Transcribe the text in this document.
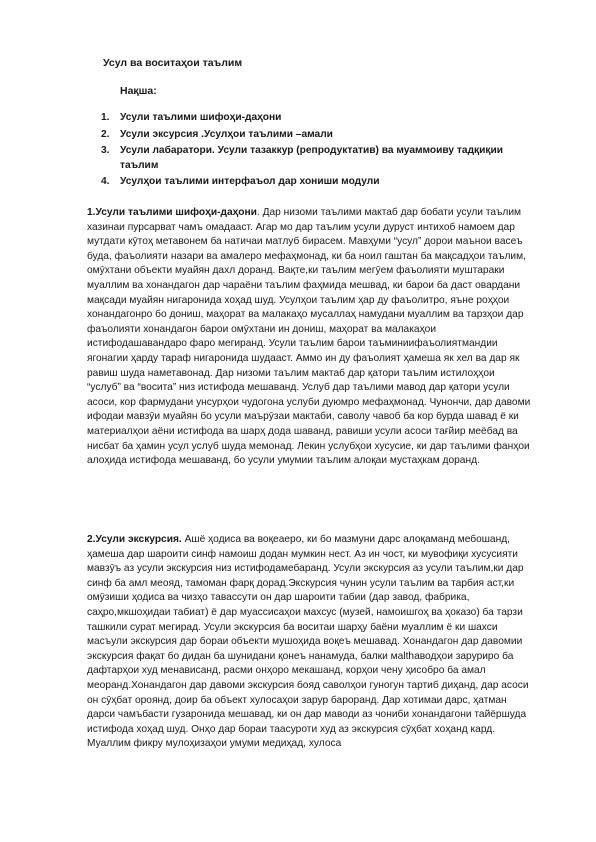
Усул ва воситаҳои таълим
Нақша:
1. Усули таълими шифоҳи-даҳони
2. Усули эксурсия .Усулҳои таълими –амали
3. Усули лабаратори. Усули тазаккур (репродуктатив) ва муаммоиву тадқиқии таълим
4. Усулҳои таълими интерфаъол дар хониши модули

1.Усули таълими шифоҳи-даҳони. Дар низоми таълими мактаб дар бобати усули таълим хазинаи пурсарват чамъ омадааст. Агар мо дар таълим усули дуруст интихоб намоем дар мутдати кӯтоҳ метавонем ба натичаи матлуб бирасем. Мавҳуми “усул” дорои маънои васеъ буда, фаъолияти назари ва амалеро мефаҳмонад, ки ба ноил гаштан ба мақсадҳои таълим, омӯхтани объекти муайян дахл доранд. Вақте,ки таълим мегӯем фаъолияти муштараки муаллим ва хонандагон дар чараёни таълим фаҳмида мешвад, ки барои ба даст овардани мақсади муайян нигаронида хоҳад шуд. Усулҳои таълим ҳар ду фаъолитро, яъне роҳҳои хонандагонро бо дониш, маҳорат ва малакаҳо мусаллаҳ намудани муаллим ва тарзҳои дар фаъолияти хонандагон барои омӯхтани ин дониш, маҳорат ва малакаҳои истифодашавандаро фаро мегиранд. Усули таълим барои таъминиифаъолиятмандии ягонагии ҳарду тараф нигаронида шудааст. Аммо ин ду фаъолият ҳамеша як хел ва дар як равиш шуда наметавонад. Дар низоми таълим мактаб дар қатори таълим истилоҳҳои “услуб” ва “восита” низ истифода мешаванд. Услуб дар таълими мавод дар қатори усули асоси, кор фармудани унсурҳои чудогона услуби дуюмро мефаҳмонад. Чунончи, дар давоми ифодаи мавзӯи муайян бо усули маърӯзаи мактаби, саволу чавоб ба кор бурда шавад ё ки материалҳои аёни истифода ва шарҳ дода шаванд, равиши усули асоси тағйир меёбад ва нисбат ба ҳамин усул услуб шуда мемонад. Лекин услубҳои хусусие, ки дар таълими фанҳои алоҳида истифода мешаванд, бо усули умумии таълим алоқаи мустаҳкам доранд.

2.Усули экскурсия. Ашё ҳодиса ва воқеаеро, ки бо мазмуни дарс алоқаманд мебошанд, ҳамеша дар шароити синф намоиш додан мумкин нест. Аз ин чост, ки мувофиқи хусусияти мавзӯъ аз усули экскурсия низ истифодамебаранд. Усули экскурсия аз усули таълим,ки дар синф ба амл меояд, тамоман фарқ дорад.Экскурсия чунин усули таълим ва тарбия аст,ки омӯзиши ҳодиса ва чизҳо тавассути он дар шароити табии (дар завод, фабрика, саҳро,мкшоҳидаи табиат) ё дар муассисаҳои махсус (музей, намоишгоҳ ва ҳоказо) ба тарзи ташкили сурат мегирад. Усули экскурсия ба воситаи шарҳу баёни муаллим ё ки шахси масъули экскурсия дар бораи объекти мушоҳида воқеъ мешавад. Хонандагон дар давомии экскурсия фақат бо дидан ба шунидани қонеъ нанамуда, балки мalthaводҳои заруриро ба дафтарҳои худ менависанд, расми онҳоро мекашанд, корҳои чену ҳисобро ба амал меоранд.Хонандагон дар давоми экскурсия бояд саволҳои гуногун тартиб диҳанд, дар асоси он сӯҳбат ороянд, доир ба объект хулосаҳои зарур бароранд. Дар хотимаи дарс, ҳатман дарси чамъбасти гузаронида мешавад, ки он дар маводи аз чониби хонандагони тайёршуда истифода хоҳад шуд. Онҳо дар бораи таасуроти худ аз экскурсия сӯҳбат хоҳанд кард. Муаллим фикру мулоҳизаҳои умуми медиҳад, хулоса
